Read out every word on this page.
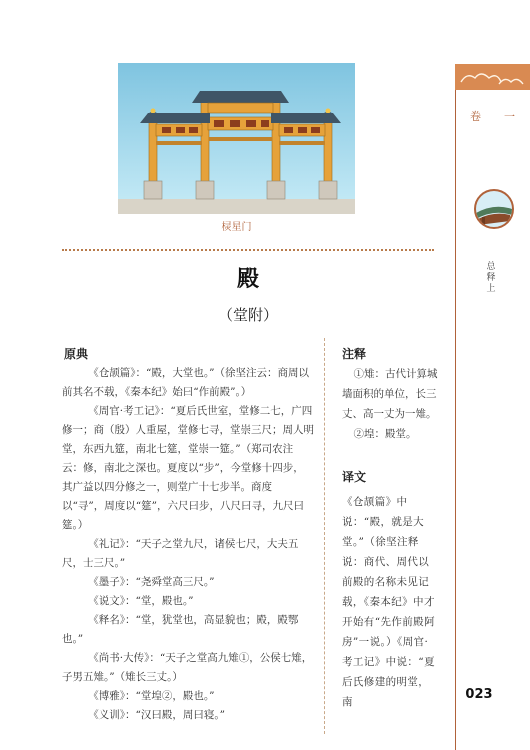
棂星门
殿
（堂附）
原典	注释
译文

《仓颉篇》：“殿，大堂也。”（徐坚注云：商周以前其名不载，《秦本纪》始曰“作前殿”。）

《周官·考工记》：“夏后氏世室，堂修二七，广四修一；商（殷）人重屋，堂修七寻，堂崇三尺；周人明堂，东西九筵，南北七筵，堂崇一筵。”（郑司农注云：修，南北之深也。夏度以“步”，今堂修十四步，其广益以四分修之一，则堂广十七步半。商度以“寻”，周度以“筵”，六尺曰步，八尺曰寻，九尺曰筵。）

《礼记》：“天子之堂九尺，诸侯七尺，大夫五尺，士三尺。”

《墨子》：“尧舜堂高三尺。”

《说文》：“堂，殿也。”

《释名》：“堂，犹堂也，高显貌也；殿，殿鄂也。”

《尚书·大传》：“天子之堂高九雉①，公侯七雉，子男五雉。”（雉长三丈。）

《博雅》：“堂堭②，殿也。”

《义训》：“汉曰殿，周曰寝。”

①雉：古代计算城墙面积的单位，长三丈、高一丈为一雉。

②堭：殿堂。

《仓颉篇》中说：“殿，就是大堂。”（徐坚注释说：商代、周代以前殿的名称未见记载，《秦本纪》中才开始有“先作前殿阿房”一说。）《周官·考工记》中说：“夏后氏修建的明堂，南
卷　一
总释上
023
